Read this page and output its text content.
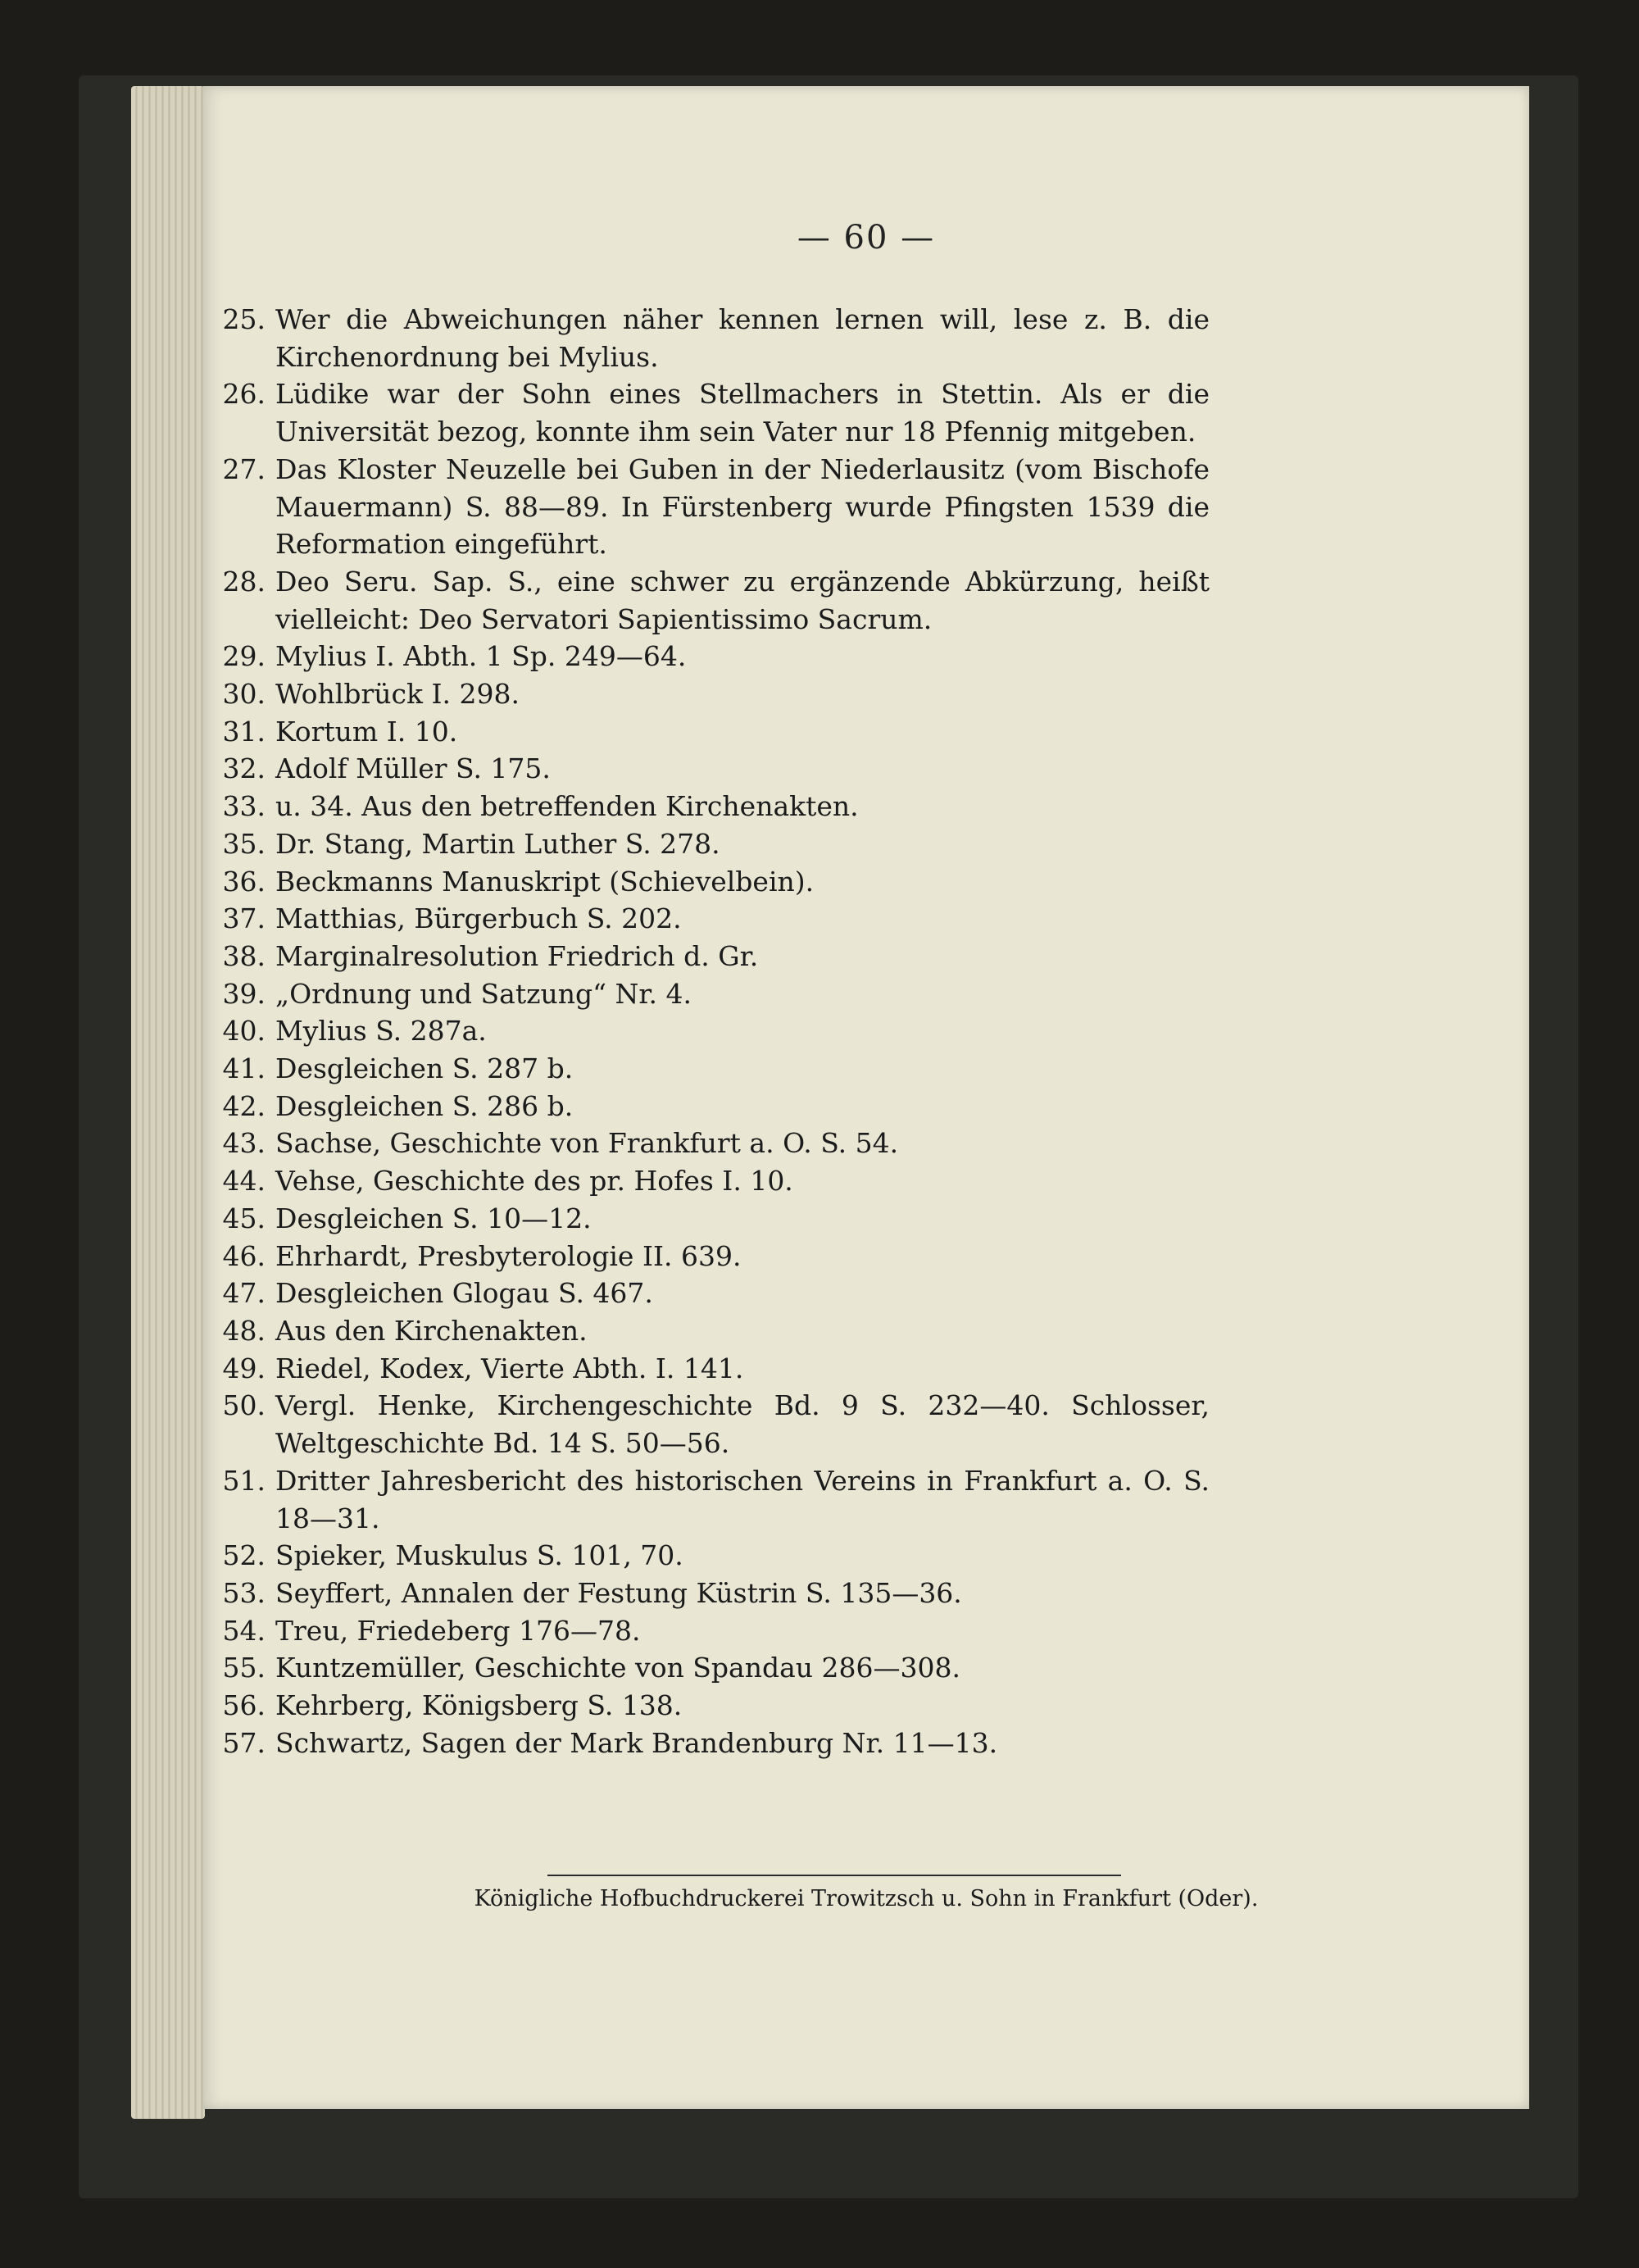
— 60 —
25. Wer die Abweichungen näher kennen lernen will, lese z. B. die Kirchenordnung bei Mylius.
26. Lüdike war der Sohn eines Stellmachers in Stettin. Als er die Universität bezog, konnte ihm sein Vater nur 18 Pfennig mitgeben.
27. Das Kloster Neuzelle bei Guben in der Niederlausitz (vom Bischofe Mauermann) S. 88—89. In Fürstenberg wurde Pfingsten 1539 die Reformation eingeführt.
28. Deo Seru. Sap. S., eine schwer zu ergänzende Abkürzung, heißt vielleicht: Deo Servatori Sapientissimo Sacrum.
29. Mylius I. Abth. 1 Sp. 249—64.
30. Wohlbrück I. 298.
31. Kortum I. 10.
32. Adolf Müller S. 175.
33. u. 34. Aus den betreffenden Kirchenakten.
35. Dr. Stang, Martin Luther S. 278.
36. Beckmanns Manuskript (Schievelbein).
37. Matthias, Bürgerbuch S. 202.
38. Marginalresolution Friedrich d. Gr.
39. „Ordnung und Satzung“ Nr. 4.
40. Mylius S. 287a.
41. Desgleichen S. 287 b.
42. Desgleichen S. 286 b.
43. Sachse, Geschichte von Frankfurt a. O. S. 54.
44. Vehse, Geschichte des pr. Hofes I. 10.
45. Desgleichen S. 10—12.
46. Ehrhardt, Presbyterologie II. 639.
47. Desgleichen Glogau S. 467.
48. Aus den Kirchenakten.
49. Riedel, Kodex, Vierte Abth. I. 141.
50. Vergl. Henke, Kirchengeschichte Bd. 9 S. 232—40. Schlosser, Weltgeschichte Bd. 14 S. 50—56.
51. Dritter Jahresbericht des historischen Vereins in Frankfurt a. O. S. 18—31.
52. Spieker, Muskulus S. 101, 70.
53. Seyffert, Annalen der Festung Küstrin S. 135—36.
54. Treu, Friedeberg 176—78.
55. Kuntzemüller, Geschichte von Spandau 286—308.
56. Kehrberg, Königsberg S. 138.
57. Schwartz, Sagen der Mark Brandenburg Nr. 11—13.
Königliche Hofbuchdruckerei Trowitzsch u. Sohn in Frankfurt (Oder).
